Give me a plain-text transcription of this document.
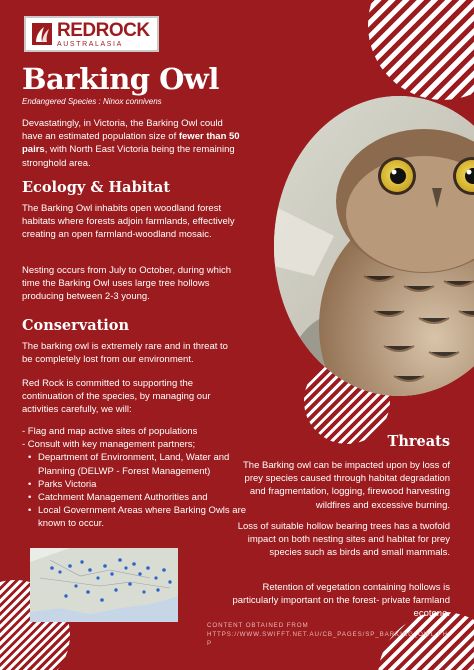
REDROCK
AUSTRALASIA
Barking Owl
Endangered Species : Ninox connivens
Devastatingly, in Victoria, the Barking Owl could have an estimated population size of fewer than 50 pairs, with North East Victoria being the remaining stronghold area.
Ecology & Habitat
The Barking Owl inhabits open woodland forest habitats where forests adjoin farmlands, effectively creating an open farmland-woodland mosaic.
Nesting occurs from July to October, during which time the Barking Owl uses large tree hollows producing between 2-3 young.
Conservation
The barking owl is extremely rare and in threat to be completely lost from our environment.
Red Rock is committed to supporting the continuation of the species, by managing our activities carefully, we will:
- Flag and map active sites of populations
- Consult with key management partners;
• Department of Environment, Land, Water and Planning (DELWP - Forest Management)
• Parks Victoria
• Catchment Management Authorities and
• Local Government Areas where Barking Owls are known to occur.
Threats
The Barking owl can be impacted upon by loss of prey species caused through habitat degradation and fragmentation, logging, firewood harvesting wildfires and excessive burning.
Loss of suitable hollow bearing trees has a twofold impact on both nesting sites and habitat for prey species such as birds and small mammals.
Retention of vegetation containing hollows is particularly important on the forest- private farmland ecotone.
CONTENT OBTAINED FROM
HTTPS://WWW.SWIFFT.NET.AU/CB_PAGES/SP_BARKING_OWL.PH
P
